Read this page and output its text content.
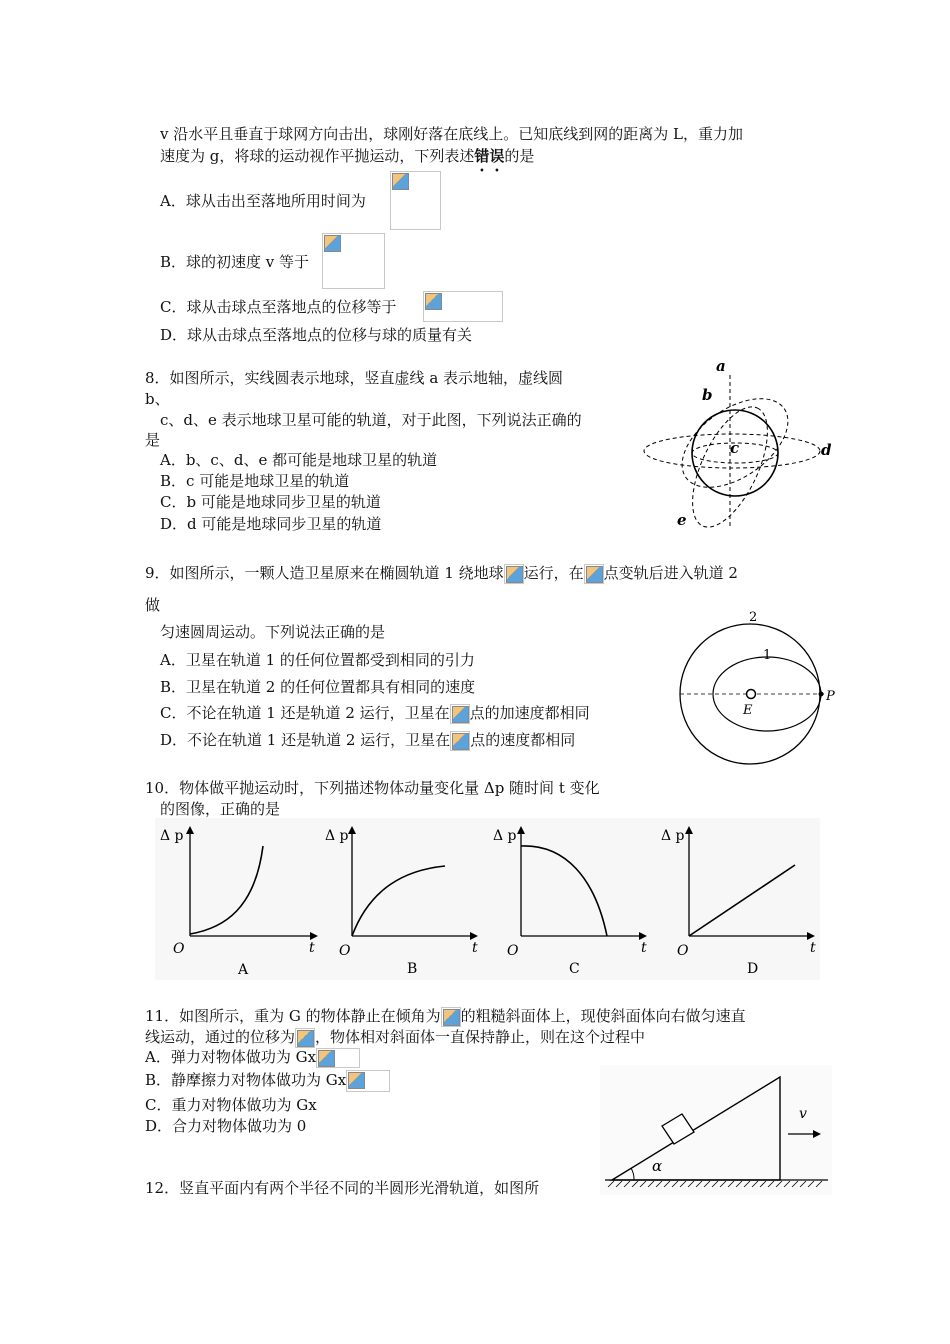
v 沿水平且垂直于球网方向击出，球刚好落在底线上。已知底线到网的距离为 L，重力加
速度为 g，将球的运动视作平抛运动，下列表述错误的是
A．球从击出至落地所用时间为
B．球的初速度 v 等于
C．球从击球点至落地点的位移等于
D．球从击球点至落地点的位移与球的质量有关
8．如图所示，实线圆表示地球，竖直虚线 a 表示地轴，虚线圆
b、
c、d、e 表示地球卫星可能的轨道，对于此图，下列说法正确的
是
A．b、c、d、e 都可能是地球卫星的轨道
B．c 可能是地球卫星的轨道
C．b 可能是地球同步卫星的轨道
D．d 可能是地球同步卫星的轨道
a
b
c	d
e
9．如图所示，一颗人造卫星原来在椭圆轨道 1 绕地球 运行，在 点变轨后进入轨道 2
做
匀速圆周运动。下列说法正确的是
A．卫星在轨道 1 的任何位置都受到相同的引力
B．卫星在轨道 2 的任何位置都具有相同的速度
C．不论在轨道 1 还是轨道 2 运行，卫星在 点的加速度都相同
D．不论在轨道 1 还是轨道 2 运行，卫星在 点的速度都相同
2
1
E
P
10．物体做平抛运动时，下列描述物体动量变化量 Δp 随时间 t 变化
的图像，正确的是
Δ p
t
O
A
Δ p
t
O
B
Δ p
t
O
C
Δ p
t
O
D
11．如图所示，重为 G 的物体静止在倾角为 的粗糙斜面体上，现使斜面体向右做匀速直
线运动，通过的位移为 ，物体相对斜面体一直保持静止，则在这个过程中
A．弹力对物体做功为 Gx
B．静摩擦力对物体做功为 Gx
C．重力对物体做功为 Gx
D．合力对物体做功为 0
α
v
12．竖直平面内有两个半径不同的半圆形光滑轨道，如图所
